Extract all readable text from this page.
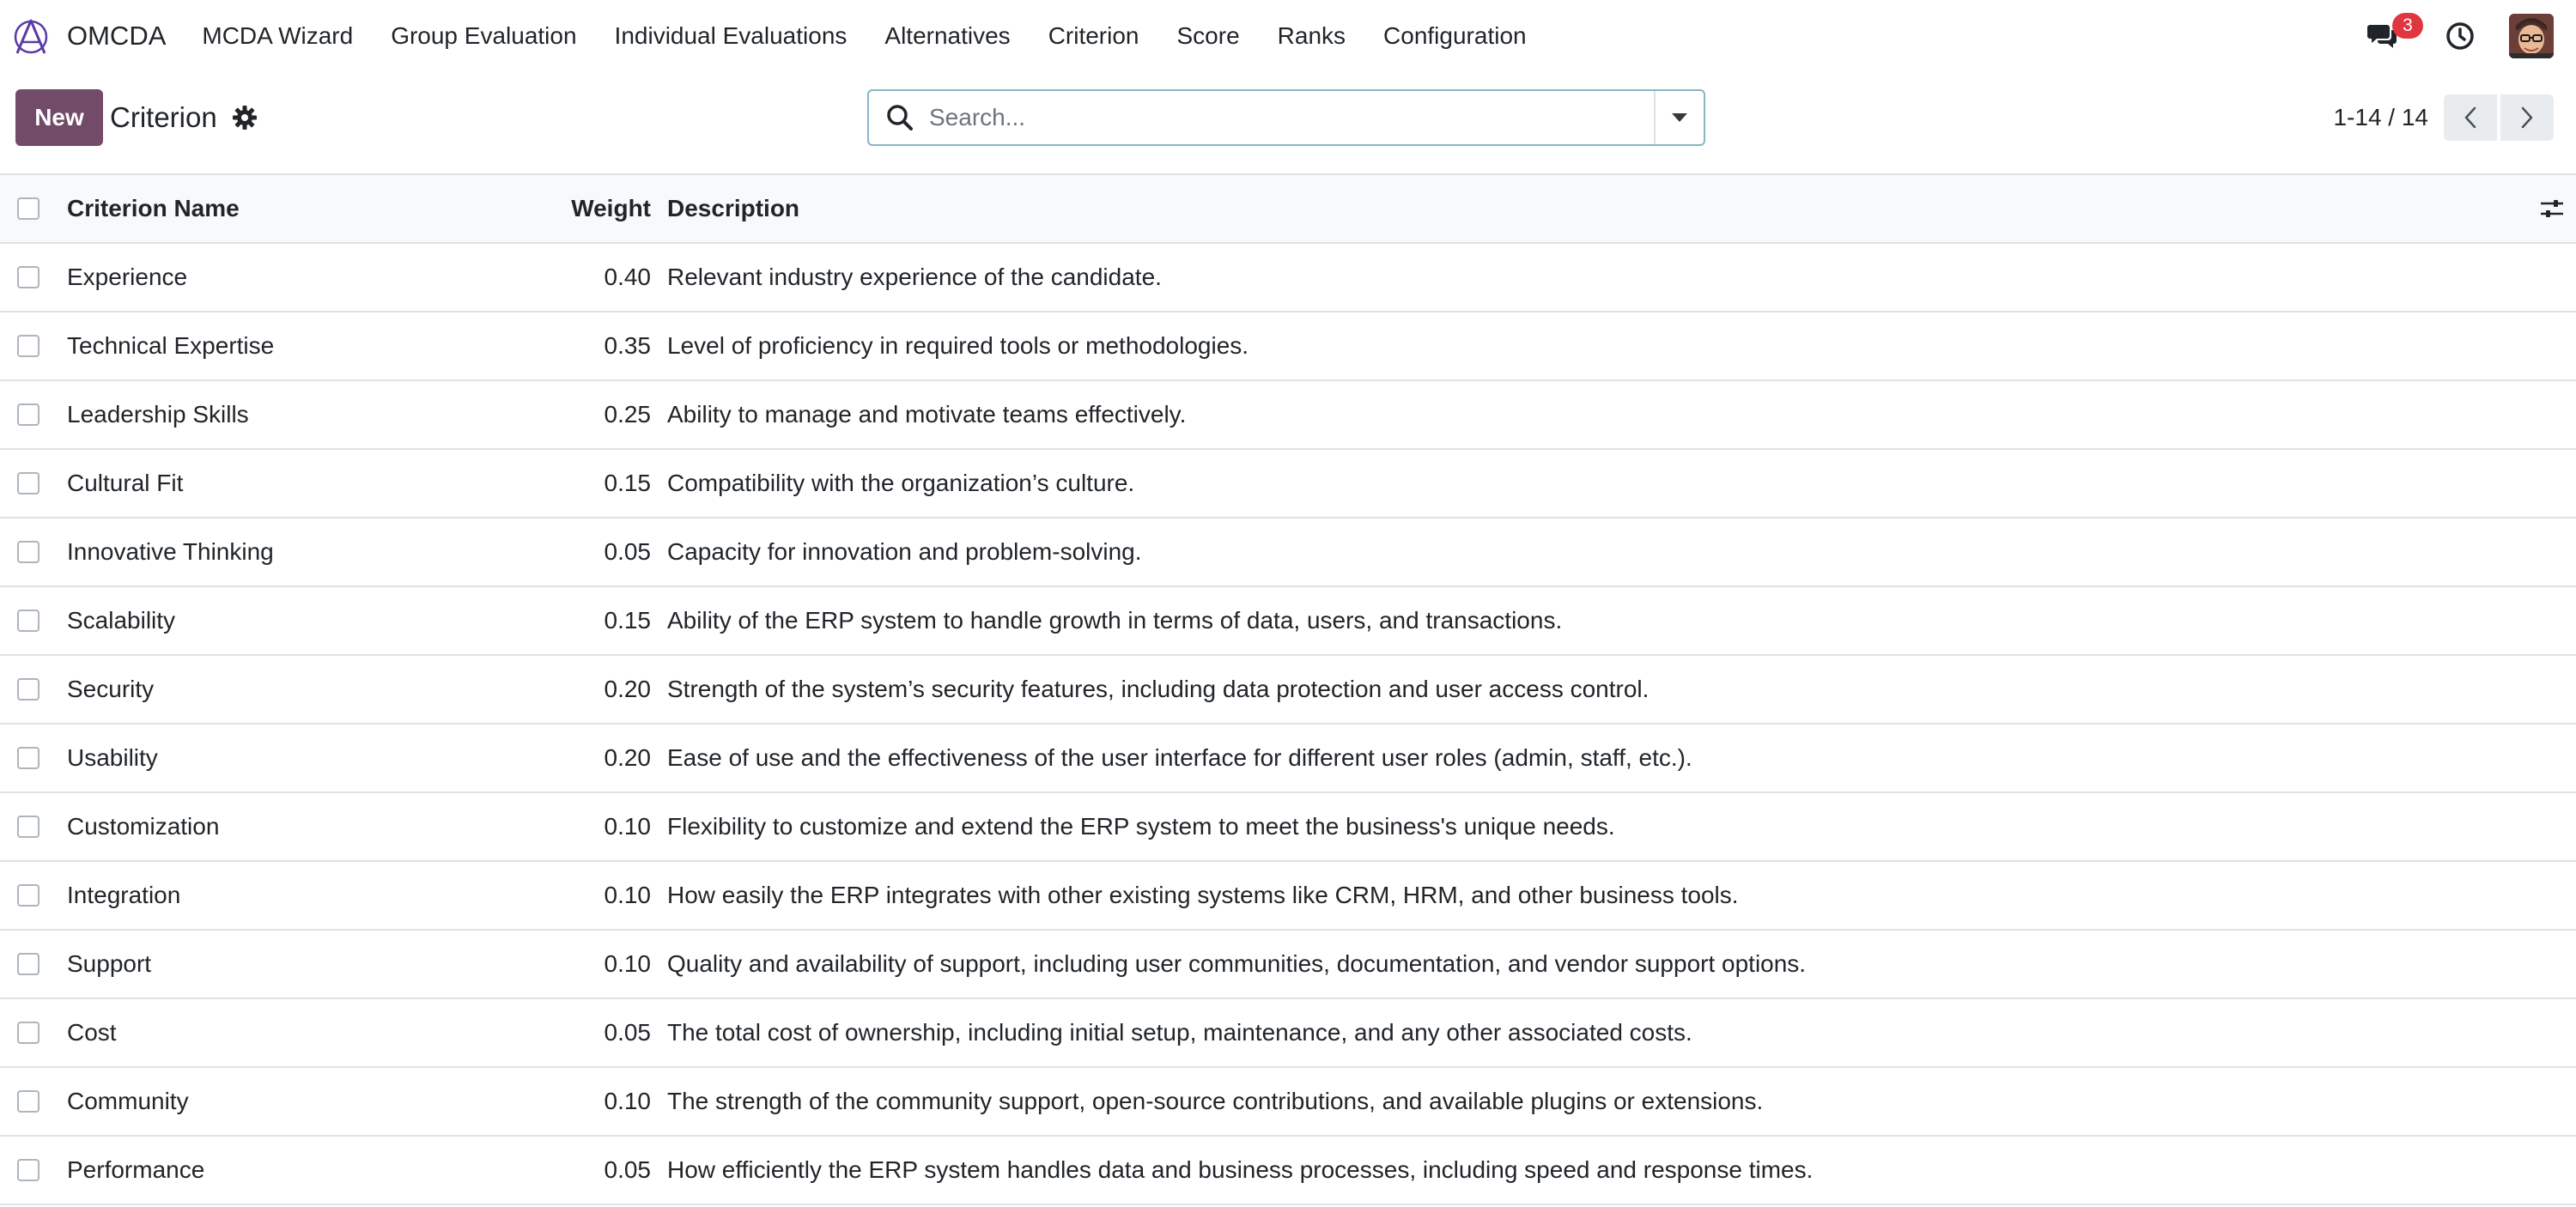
OMCDA MCDA Wizard Group Evaluation Individual Evaluations Alternatives Criterion Score Ranks Configuration	3
New Criterion
Search...	1-14 / 14
Criterion Name	Weight Description
Experience	0.40 Relevant industry experience of the candidate.
Technical Expertise	0.35 Level of proficiency in required tools or methodologies.
Leadership Skills	0.25 Ability to manage and motivate teams effectively.
Cultural Fit	0.15 Compatibility with the organization’s culture.
Innovative Thinking	0.05 Capacity for innovation and problem-solving.
Scalability	0.15 Ability of the ERP system to handle growth in terms of data, users, and transactions.
Security	0.20 Strength of the system’s security features, including data protection and user access control.
Usability	0.20 Ease of use and the effectiveness of the user interface for different user roles (admin, staff, etc.).
Customization	0.10 Flexibility to customize and extend the ERP system to meet the business's unique needs.
Integration	0.10 How easily the ERP integrates with other existing systems like CRM, HRM, and other business tools.
Support	0.10 Quality and availability of support, including user communities, documentation, and vendor support options.
Cost	0.05 The total cost of ownership, including initial setup, maintenance, and any other associated costs.
Community	0.10 The strength of the community support, open-source contributions, and available plugins or extensions.
Performance	0.05 How efficiently the ERP system handles data and business processes, including speed and response times.
